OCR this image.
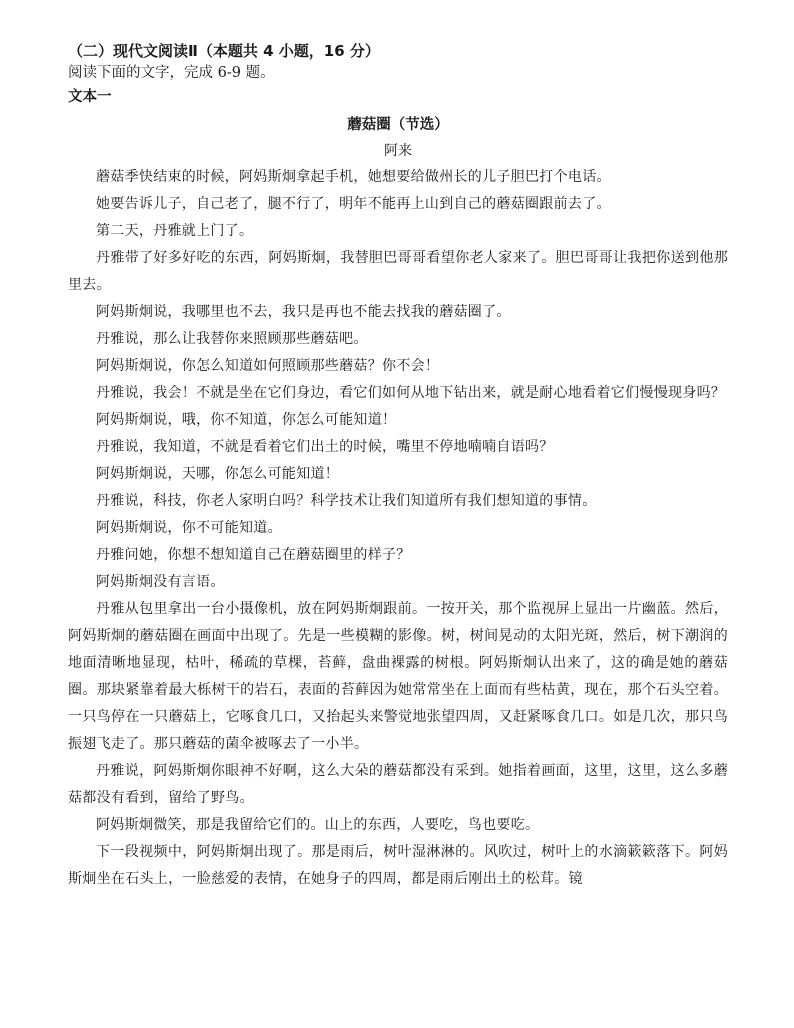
（二）现代文阅读Ⅱ（本题共 4 小题，16 分）

阅读下面的文字，完成 6-9 题。

文本一

蘑菇圈（节选）

阿来

蘑菇季快结束的时候，阿妈斯炯拿起手机，她想要给做州长的儿子胆巴打个电话。

她要告诉儿子，自己老了，腿不行了，明年不能再上山到自己的蘑菇圈跟前去了。

第二天，丹雅就上门了。

丹雅带了好多好吃的东西，阿妈斯炯，我替胆巴哥哥看望你老人家来了。胆巴哥哥让我把你送到他那里去。

阿妈斯炯说，我哪里也不去，我只是再也不能去找我的蘑菇圈了。

丹雅说，那么让我替你来照顾那些蘑菇吧。

阿妈斯炯说，你怎么知道如何照顾那些蘑菇？你不会！

丹雅说，我会！不就是坐在它们身边，看它们如何从地下钻出来，就是耐心地看着它们慢慢现身吗？

阿妈斯炯说，哦，你不知道，你怎么可能知道！

丹雅说，我知道，不就是看着它们出土的时候，嘴里不停地喃喃自语吗？

阿妈斯炯说，天哪，你怎么可能知道！

丹雅说，科技，你老人家明白吗？科学技术让我们知道所有我们想知道的事情。

阿妈斯炯说，你不可能知道。

丹雅问她，你想不想知道自己在蘑菇圈里的样子？

阿妈斯炯没有言语。

丹雅从包里拿出一台小摄像机，放在阿妈斯炯跟前。一按开关，那个监视屏上显出一片幽蓝。然后，阿妈斯炯的蘑菇圈在画面中出现了。先是一些模糊的影像。树，树间晃动的太阳光斑，然后，树下潮润的地面清晰地显现，枯叶，稀疏的草棵，苔藓，盘曲裸露的树根。阿妈斯炯认出来了，这的确是她的蘑菇圈。那块紧靠着最大栎树干的岩石，表面的苔藓因为她常常坐在上面而有些枯黄，现在，那个石头空着。一只鸟停在一只蘑菇上，它啄食几口，又抬起头来警觉地张望四周，又赶紧啄食几口。如是几次，那只鸟振翅飞走了。那只蘑菇的菌伞被啄去了一小半。

丹雅说，阿妈斯炯你眼神不好啊，这么大朵的蘑菇都没有采到。她指着画面，这里，这里，这么多蘑菇都没有看到，留给了野鸟。

阿妈斯炯微笑，那是我留给它们的。山上的东西，人要吃，鸟也要吃。

下一段视频中，阿妈斯炯出现了。那是雨后，树叶湿淋淋的。风吹过，树叶上的水滴簌簌落下。阿妈斯炯坐在石头上，一脸慈爱的表情，在她身子的四周，都是雨后刚出土的松茸。镜
